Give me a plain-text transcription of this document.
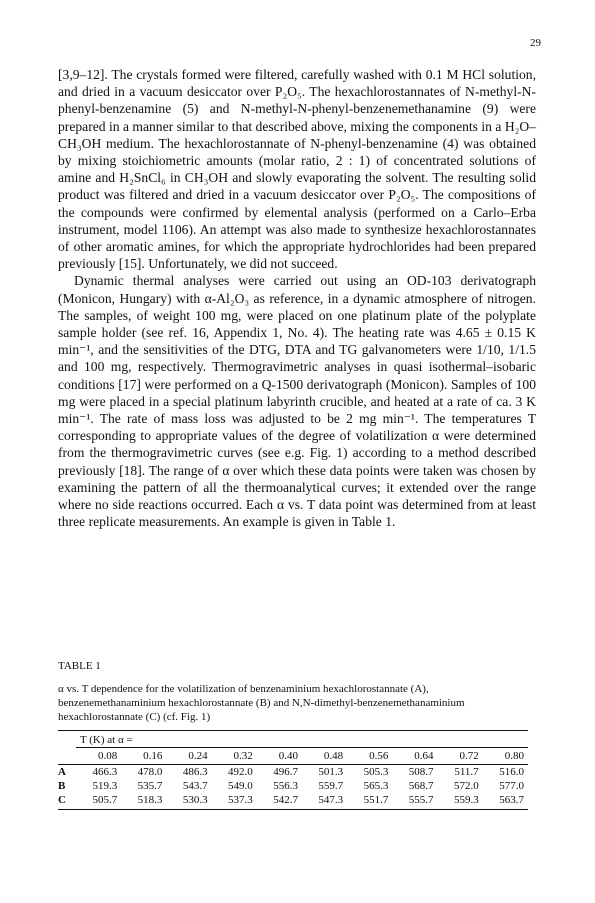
29

[3,9–12]. The crystals formed were filtered, carefully washed with 0.1 M HCl solution, and dried in a vacuum desiccator over P₂O₅. The hexachlorostannates of N-methyl-N-phenyl-benzenamine (5) and N-methyl-N-phenyl-benzenemethanamine (9) were prepared in a manner similar to that described above, mixing the components in a H₂O–CH₃OH medium. The hexachlorostannate of N-phenyl-benzenamine (4) was obtained by mixing stoichiometric amounts (molar ratio, 2 : 1) of concentrated solutions of amine and H₂SnCl₆ in CH₃OH and slowly evaporating the solvent. The resulting solid product was filtered and dried in a vacuum desiccator over P₂O₅. The compositions of the compounds were confirmed by elemental analysis (performed on a Carlo–Erba instrument, model 1106). An attempt was also made to synthesize hexachlorostannates of other aromatic amines, for which the appropriate hydrochlorides had been prepared previously [15]. Unfortunately, we did not succeed.

Dynamic thermal analyses were carried out using an OD-103 derivatograph (Monicon, Hungary) with α-Al₂O₃ as reference, in a dynamic atmosphere of nitrogen. The samples, of weight 100 mg, were placed on one platinum plate of the polyplate sample holder (see ref. 16, Appendix 1, No. 4). The heating rate was 4.65 ± 0.15 K min⁻¹, and the sensitivities of the DTG, DTA and TG galvanometers were 1/10, 1/1.5 and 100 mg, respectively. Thermogravimetric analyses in quasi isothermal–isobaric conditions [17] were performed on a Q-1500 derivatograph (Monicon). Samples of 100 mg were placed in a special platinum labyrinth crucible, and heated at a rate of ca. 3 K min⁻¹. The rate of mass loss was adjusted to be 2 mg min⁻¹. The temperatures T corresponding to appropriate values of the degree of volatilization α were determined from the thermogravimetric curves (see e.g. Fig. 1) according to a method described previously [18]. The range of α over which these data points were taken was chosen by examining the pattern of all the thermoanalytical curves; it extended over the range where no side reactions occurred. Each α vs. T data point was determined from at least three replicate measurements. An example is given in Table 1.

TABLE 1

α vs. T dependence for the volatilization of benzenaminium hexachlorostannate (A), benzenemethanaminium hexachlorostannate (B) and N,N-dimethyl-benzenemethanaminium hexachlorostannate (C) (cf. Fig. 1)

	T (K) at α =									
	0.08	0.16	0.24	0.32	0.40	0.48	0.56	0.64	0.72	0.80
A	466.3	478.0	486.3	492.0	496.7	501.3	505.3	508.7	511.7	516.0
B	519.3	535.7	543.7	549.0	556.3	559.7	565.3	568.7	572.0	577.0
C	505.7	518.3	530.3	537.3	542.7	547.3	551.7	555.7	559.3	563.7
